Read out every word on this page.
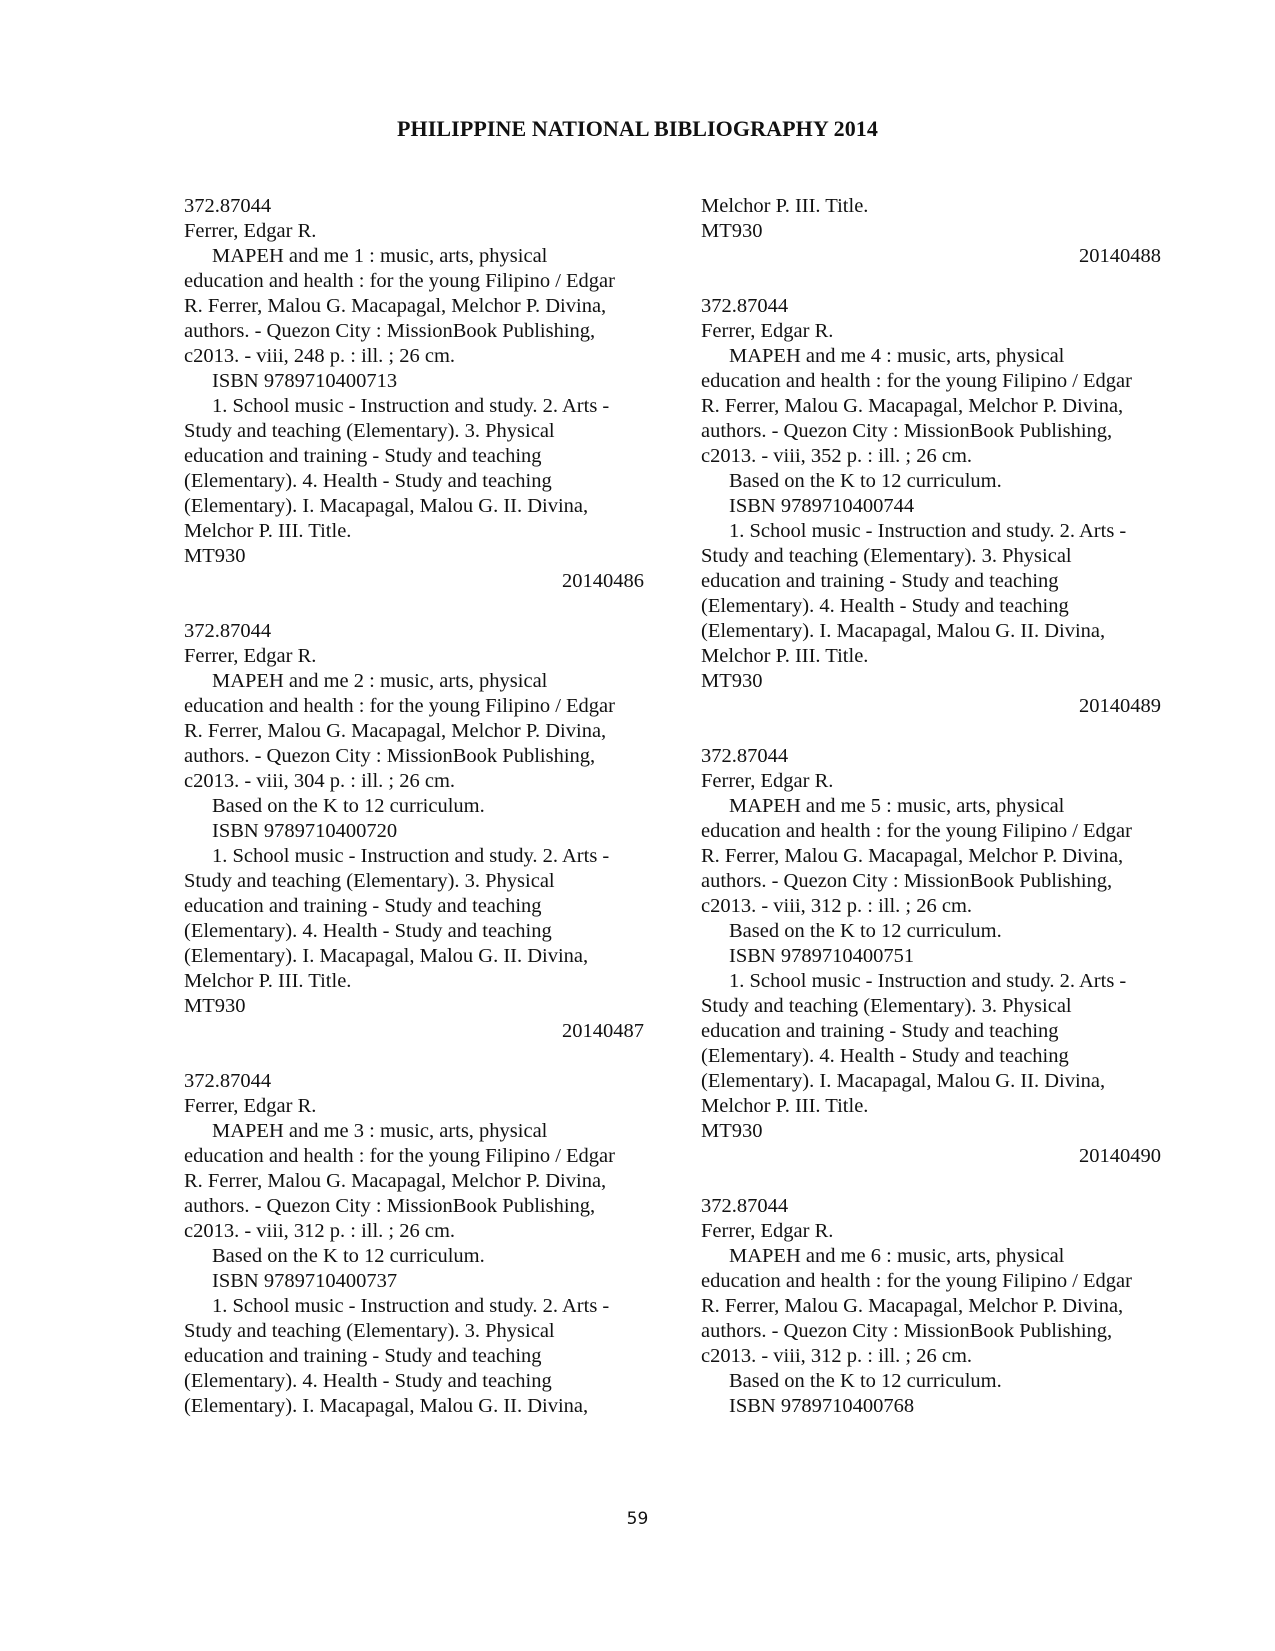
PHILIPPINE NATIONAL BIBLIOGRAPHY 2014
372.87044
Ferrer, Edgar R.
MAPEH and me 1 : music, arts, physical
education and health : for the young Filipino / Edgar
R. Ferrer, Malou G. Macapagal, Melchor P. Divina,
authors. - Quezon City : MissionBook Publishing,
c2013. - viii, 248 p. : ill. ; 26 cm.
ISBN 9789710400713
1. School music - Instruction and study. 2. Arts -
Study and teaching (Elementary). 3. Physical
education and training - Study and teaching
(Elementary). 4. Health - Study and teaching
(Elementary). I. Macapagal, Malou G. II. Divina,
Melchor P. III. Title.
MT930
20140486
372.87044
Ferrer, Edgar R.
MAPEH and me 2 : music, arts, physical
education and health : for the young Filipino / Edgar
R. Ferrer, Malou G. Macapagal, Melchor P. Divina,
authors. - Quezon City : MissionBook Publishing,
c2013. - viii, 304 p. : ill. ; 26 cm.
Based on the K to 12 curriculum.
ISBN 9789710400720
1. School music - Instruction and study. 2. Arts -
Study and teaching (Elementary). 3. Physical
education and training - Study and teaching
(Elementary). 4. Health - Study and teaching
(Elementary). I. Macapagal, Malou G. II. Divina,
Melchor P. III. Title.
MT930
20140487
372.87044
Ferrer, Edgar R.
MAPEH and me 3 : music, arts, physical
education and health : for the young Filipino / Edgar
R. Ferrer, Malou G. Macapagal, Melchor P. Divina,
authors. - Quezon City : MissionBook Publishing,
c2013. - viii, 312 p. : ill. ; 26 cm.
Based on the K to 12 curriculum.
ISBN 9789710400737
1. School music - Instruction and study. 2. Arts -
Study and teaching (Elementary). 3. Physical
education and training - Study and teaching
(Elementary). 4. Health - Study and teaching
(Elementary). I. Macapagal, Malou G. II. Divina,
Melchor P. III. Title.
MT930
20140488
372.87044
Ferrer, Edgar R.
MAPEH and me 4 : music, arts, physical
education and health : for the young Filipino / Edgar
R. Ferrer, Malou G. Macapagal, Melchor P. Divina,
authors. - Quezon City : MissionBook Publishing,
c2013. - viii, 352 p. : ill. ; 26 cm.
Based on the K to 12 curriculum.
ISBN 9789710400744
1. School music - Instruction and study. 2. Arts -
Study and teaching (Elementary). 3. Physical
education and training - Study and teaching
(Elementary). 4. Health - Study and teaching
(Elementary). I. Macapagal, Malou G. II. Divina,
Melchor P. III. Title.
MT930
20140489
372.87044
Ferrer, Edgar R.
MAPEH and me 5 : music, arts, physical
education and health : for the young Filipino / Edgar
R. Ferrer, Malou G. Macapagal, Melchor P. Divina,
authors. - Quezon City : MissionBook Publishing,
c2013. - viii, 312 p. : ill. ; 26 cm.
Based on the K to 12 curriculum.
ISBN 9789710400751
1. School music - Instruction and study. 2. Arts -
Study and teaching (Elementary). 3. Physical
education and training - Study and teaching
(Elementary). 4. Health - Study and teaching
(Elementary). I. Macapagal, Malou G. II. Divina,
Melchor P. III. Title.
MT930
20140490
372.87044
Ferrer, Edgar R.
MAPEH and me 6 : music, arts, physical
education and health : for the young Filipino / Edgar
R. Ferrer, Malou G. Macapagal, Melchor P. Divina,
authors. - Quezon City : MissionBook Publishing,
c2013. - viii, 312 p. : ill. ; 26 cm.
Based on the K to 12 curriculum.
ISBN 9789710400768
59
